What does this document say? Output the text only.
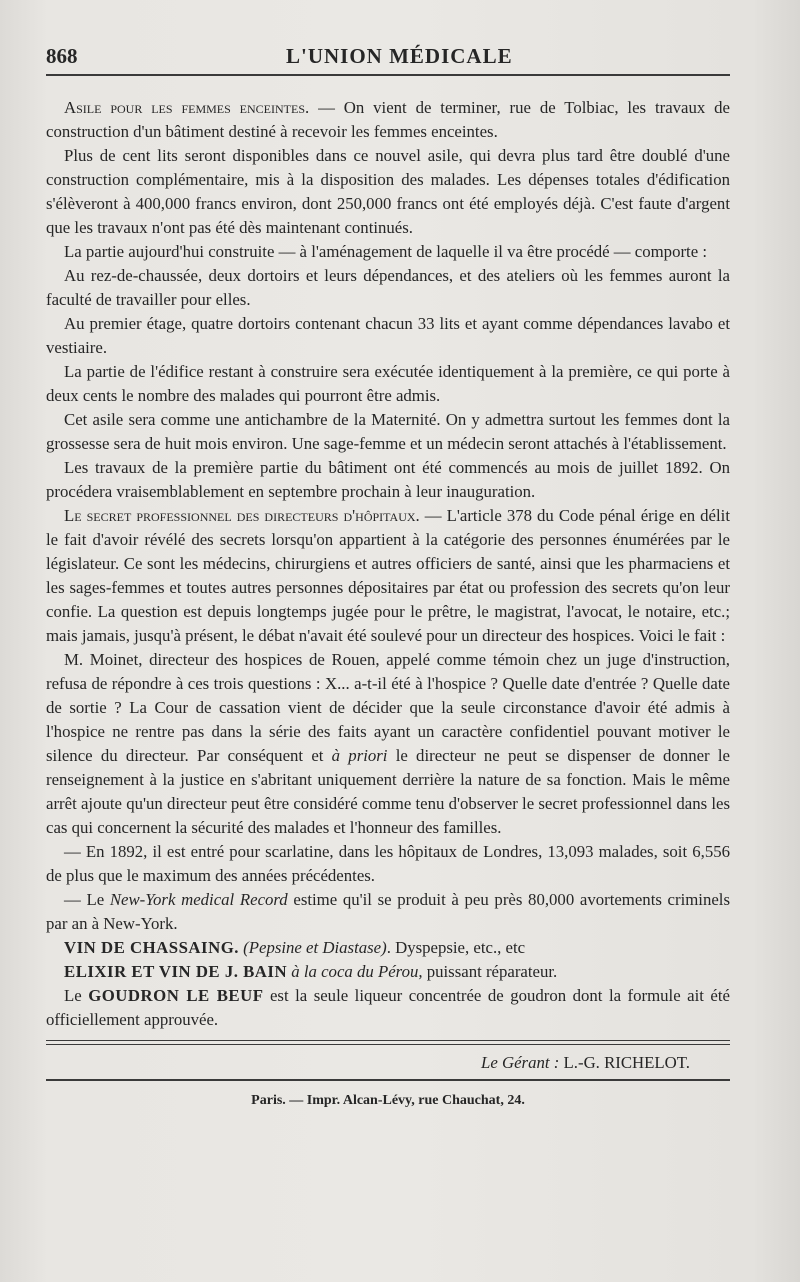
868	L'UNION MÉDICALE

Asile pour les femmes enceintes. — On vient de terminer, rue de Tolbiac, les travaux de construction d'un bâtiment destiné à recevoir les femmes enceintes.

Plus de cent lits seront disponibles dans ce nouvel asile, qui devra plus tard être doublé d'une construction complémentaire, mis à la disposition des malades. Les dépenses totales d'édification s'élèveront à 400,000 francs environ, dont 250,000 francs ont été employés déjà. C'est faute d'argent que les travaux n'ont pas été dès maintenant continués.

La partie aujourd'hui construite — à l'aménagement de laquelle il va être procédé — comporte :

Au rez-de-chaussée, deux dortoirs et leurs dépendances, et des ateliers où les femmes auront la faculté de travailler pour elles.

Au premier étage, quatre dortoirs contenant chacun 33 lits et ayant comme dépendances lavabo et vestiaire.

La partie de l'édifice restant à construire sera exécutée identiquement à la première, ce qui porte à deux cents le nombre des malades qui pourront être admis.

Cet asile sera comme une antichambre de la Maternité. On y admettra surtout les femmes dont la grossesse sera de huit mois environ. Une sage-femme et un médecin seront attachés à l'établissement.

Les travaux de la première partie du bâtiment ont été commencés au mois de juillet 1892. On procédera vraisemblablement en septembre prochain à leur inauguration.

Le secret professionnel des directeurs d'hôpitaux. — L'article 378 du Code pénal érige en délit le fait d'avoir révélé des secrets lorsqu'on appartient à la catégorie des personnes énumérées par le législateur. Ce sont les médecins, chirurgiens et autres officiers de santé, ainsi que les pharmaciens et les sages-femmes et toutes autres personnes dépositaires par état ou profession des secrets qu'on leur confie. La question est depuis longtemps jugée pour le prêtre, le magistrat, l'avocat, le notaire, etc.; mais jamais, jusqu'à présent, le débat n'avait été soulevé pour un directeur des hospices. Voici le fait :

M. Moinet, directeur des hospices de Rouen, appelé comme témoin chez un juge d'instruction, refusa de répondre à ces trois questions : X... a-t-il été à l'hospice ? Quelle date d'entrée ? Quelle date de sortie ? La Cour de cassation vient de décider que la seule circonstance d'avoir été admis à l'hospice ne rentre pas dans la série des faits ayant un caractère confidentiel pouvant motiver le silence du directeur. Par conséquent et à priori le directeur ne peut se dispenser de donner le renseignement à la justice en s'abritant uniquement derrière la nature de sa fonction. Mais le même arrêt ajoute qu'un directeur peut être considéré comme tenu d'observer le secret professionnel dans les cas qui concernent la sécurité des malades et l'honneur des familles.

— En 1892, il est entré pour scarlatine, dans les hôpitaux de Londres, 13,093 malades, soit 6,556 de plus que le maximum des années précédentes.

— Le New-York medical Record estime qu'il se produit à peu près 80,000 avortements criminels par an à New-York.

VIN DE CHASSAING. (Pepsine et Diastase). Dyspepsie, etc., etc

ELIXIR ET VIN DE J. BAIN à la coca du Pérou, puissant réparateur.

Le GOUDRON LE BEUF est la seule liqueur concentrée de goudron dont la formule ait été officiellement approuvée.

Le Gérant : L.-G. RICHELOT.
Paris. — Impr. Alcan-Lévy, rue Chauchat, 24.
